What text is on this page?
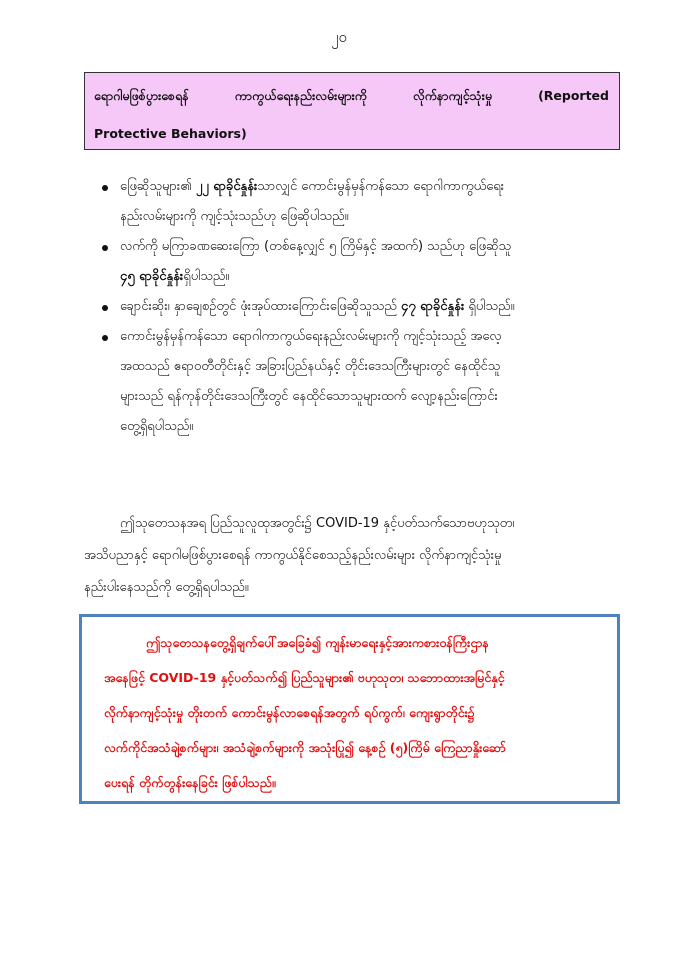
၂၀
ရောဂါမဖြစ်ပွားစေရန်	ကာကွယ်ရေးနည်းလမ်းများကို	လိုက်နာကျင့်သုံးမှု	(Reported
Protective Behaviors)
ဖြေဆိုသူများ၏ ၂၂ ရာခိုင်နှုန်းသာလျှင် ကောင်းမွန်မှန်ကန်သော ရောဂါကာကွယ်ရေး
နည်းလမ်းများကို ကျင့်သုံးသည်ဟု ဖြေဆိုပါသည်။
လက်ကို မကြာခဏဆေးကြော (တစ်နေ့လျှင် ၅ ကြိမ်နှင့် အထက်) သည်ဟု ဖြေဆိုသူ
၄၅ ရာခိုင်နှုန်းရှိပါသည်။
ချောင်းဆိုး၊ နှာချေစဉ်တွင် ဖုံးအုပ်ထားကြောင်းဖြေဆိုသူသည် ၄၇ ရာခိုင်နှုန်း ရှိပါသည်။
ကောင်းမွန်မှန်ကန်သော ရောဂါကာကွယ်ရေးနည်းလမ်းများကို ကျင့်သုံးသည့် အလေ့
အထသည် ဧရာဝတီတိုင်းနှင့် အခြားပြည်နယ်နှင့် တိုင်းဒေသကြီးများတွင် နေထိုင်သူ
များသည် ရန်ကုန်တိုင်းဒေသကြီးတွင် နေထိုင်သောသူများထက် လျော့နည်းကြောင်း
တွေ့ရှိရပါသည်။
ဤသုတေသနအရ ပြည်သူလူထုအတွင်း၌ COVID-19 နှင့်ပတ်သက်သောဗဟုသုတ၊
အသိပညာနှင့် ရောဂါမဖြစ်ပွားစေရန် ကာကွယ်နိုင်စေသည့်နည်းလမ်းများ လိုက်နာကျင့်သုံးမှု
နည်းပါးနေသည်ကို တွေ့ရှိရပါသည်။
ဤသုတေသနတွေ့ရှိချက်ပေါ်အခြေခံ၍ ကျန်းမာရေးနှင့်အားကစားဝန်ကြီးဌာန
အနေဖြင့် COVID-19 နှင့်ပတ်သက်၍ ပြည်သူများ၏ ဗဟုသုတ၊ သဘောထားအမြင်နှင့်
လိုက်နာကျင့်သုံးမှု တိုးတက် ကောင်းမွန်လာစေရန်အတွက် ရပ်ကွက်၊ ကျေးရွာတိုင်း၌
လက်ကိုင်အသံချဲ့စက်များ၊ အသံချဲ့စက်များကို အသုံးပြု၍ နေ့စဉ် (၅)ကြိမ် ကြေညာနှိုးဆော်
ပေးရန် တိုက်တွန်းနေခြင်း ဖြစ်ပါသည်။
